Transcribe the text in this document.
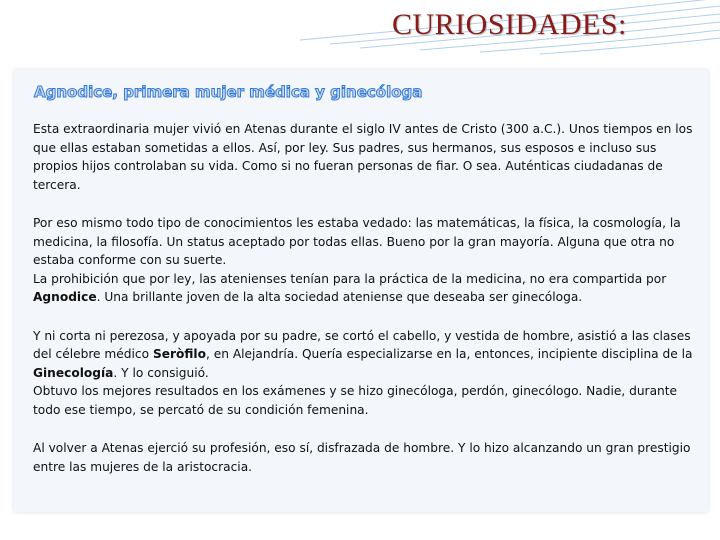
CURIOSIDADES:
Agnodice, primera mujer médica y ginecóloga

Esta extraordinaria mujer vivió en Atenas durante el siglo IV antes de Cristo (300 a.C.). Unos tiempos en los que ellas estaban sometidas a ellos. Así, por ley. Sus padres, sus hermanos, sus esposos e incluso sus propios hijos controlaban su vida. Como si no fueran personas de fiar. O sea. Auténticas ciudadanas de tercera.

Por eso mismo todo tipo de conocimientos les estaba vedado: las matemáticas, la física, la cosmología, la medicina, la filosofía. Un status aceptado por todas ellas. Bueno por la gran mayoría. Alguna que otra no estaba conforme con su suerte.
La prohibición que por ley, las atenienses tenían para la práctica de la medicina, no era compartida por Agnodice. Una brillante joven de la alta sociedad ateniense que deseaba ser ginecóloga.

Y ni corta ni perezosa, y apoyada por su padre, se cortó el cabello, y vestida de hombre, asistió a las clases del célebre médico Seròfilo, en Alejandría. Quería especializarse en la, entonces, incipiente disciplina de la Ginecología. Y lo consiguió.
Obtuvo los mejores resultados en los exámenes y se hizo ginecóloga, perdón, ginecólogo. Nadie, durante todo ese tiempo, se percató de su condición femenina.

Al volver a Atenas ejerció su profesión, eso sí, disfrazada de hombre. Y lo hizo alcanzando un gran prestigio entre las mujeres de la aristocracia.
